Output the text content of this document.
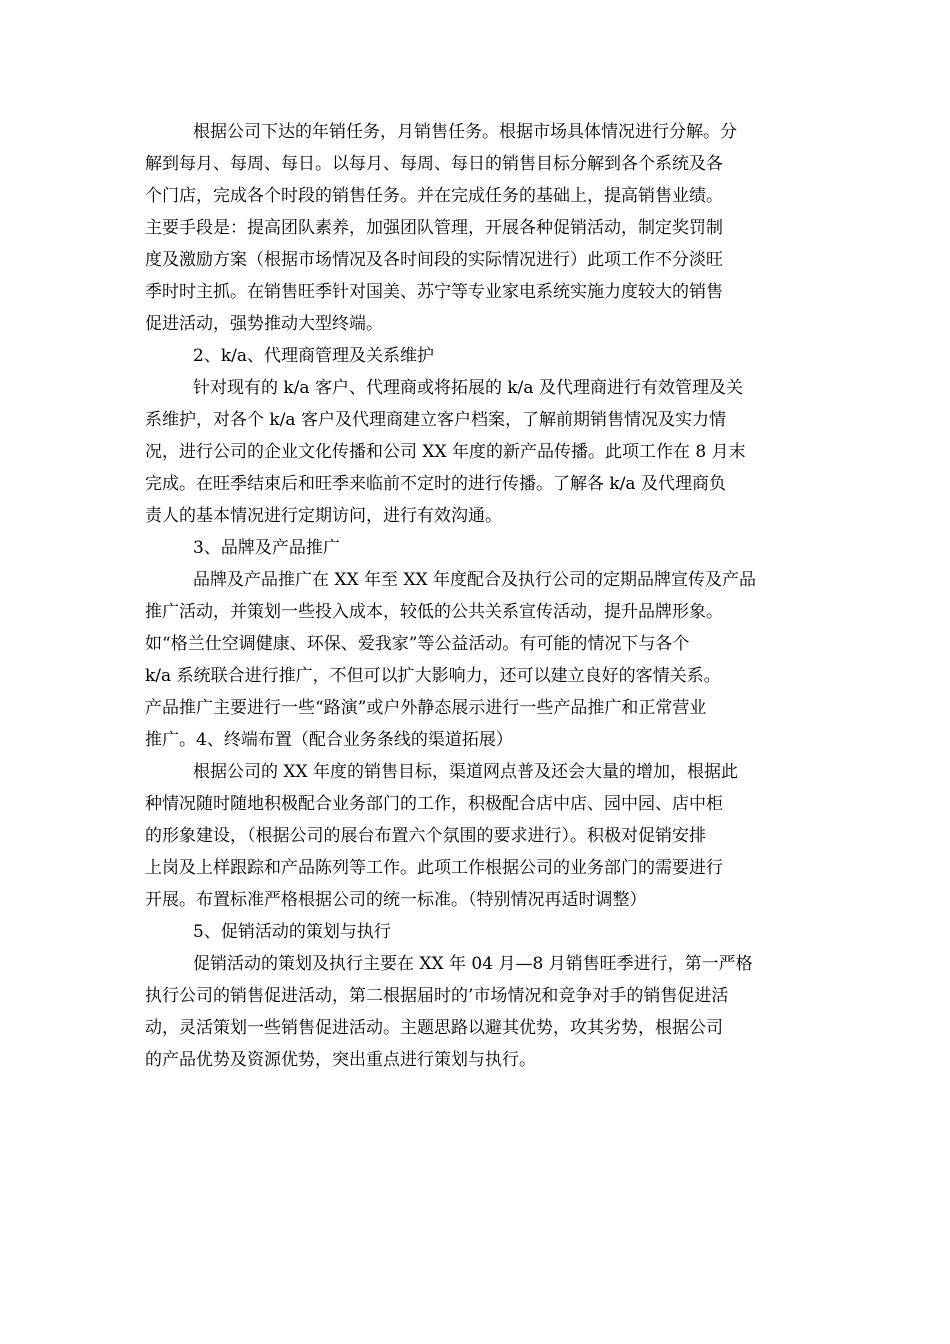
根据公司下达的年销任务，月销售任务。根据市场具体情况进行分解。分
解到每月、每周、每日。以每月、每周、每日的销售目标分解到各个系统及各
个门店，完成各个时段的销售任务。并在完成任务的基础上，提高销售业绩。
主要手段是：提高团队素养，加强团队管理，开展各种促销活动，制定奖罚制
度及激励方案（根据市场情况及各时间段的实际情况进行）此项工作不分淡旺
季时时主抓。在销售旺季针对国美、苏宁等专业家电系统实施力度较大的销售
促进活动，强势推动大型终端。
2、k/a、代理商管理及关系维护
针对现有的 k/a 客户、代理商或将拓展的 k/a 及代理商进行有效管理及关
系维护，对各个 k/a 客户及代理商建立客户档案，了解前期销售情况及实力情
况，进行公司的企业文化传播和公司 XX 年度的新产品传播。此项工作在 8 月末
完成。在旺季结束后和旺季来临前不定时的进行传播。了解各 k/a 及代理商负
责人的基本情况进行定期访问，进行有效沟通。
3、品牌及产品推广
品牌及产品推广在 XX 年至 XX 年度配合及执行公司的定期品牌宣传及产品
推广活动，并策划一些投入成本，较低的公共关系宣传活动，提升品牌形象。
如“格兰仕空调健康、环保、爱我家”等公益活动。有可能的情况下与各个
k/a 系统联合进行推广，不但可以扩大影响力，还可以建立良好的客情关系。
产品推广主要进行一些“路演”或户外静态展示进行一些产品推广和正常营业
推广。4、终端布置（配合业务条线的渠道拓展）
根据公司的 XX 年度的销售目标，渠道网点普及还会大量的增加，根据此
种情况随时随地积极配合业务部门的工作，积极配合店中店、园中园、店中柜
的形象建设，（根据公司的展台布置六个氛围的要求进行）。积极对促销安排
上岗及上样跟踪和产品陈列等工作。此项工作根据公司的业务部门的需要进行
开展。布置标准严格根据公司的统一标准。（特别情况再适时调整）
5、促销活动的策划与执行
促销活动的策划及执行主要在 XX 年 04 月—8 月销售旺季进行，第一严格
执行公司的销售促进活动，第二根据届时的’市场情况和竞争对手的销售促进活
动，灵活策划一些销售促进活动。主题思路以避其优势，攻其劣势，根据公司
的产品优势及资源优势，突出重点进行策划与执行。
